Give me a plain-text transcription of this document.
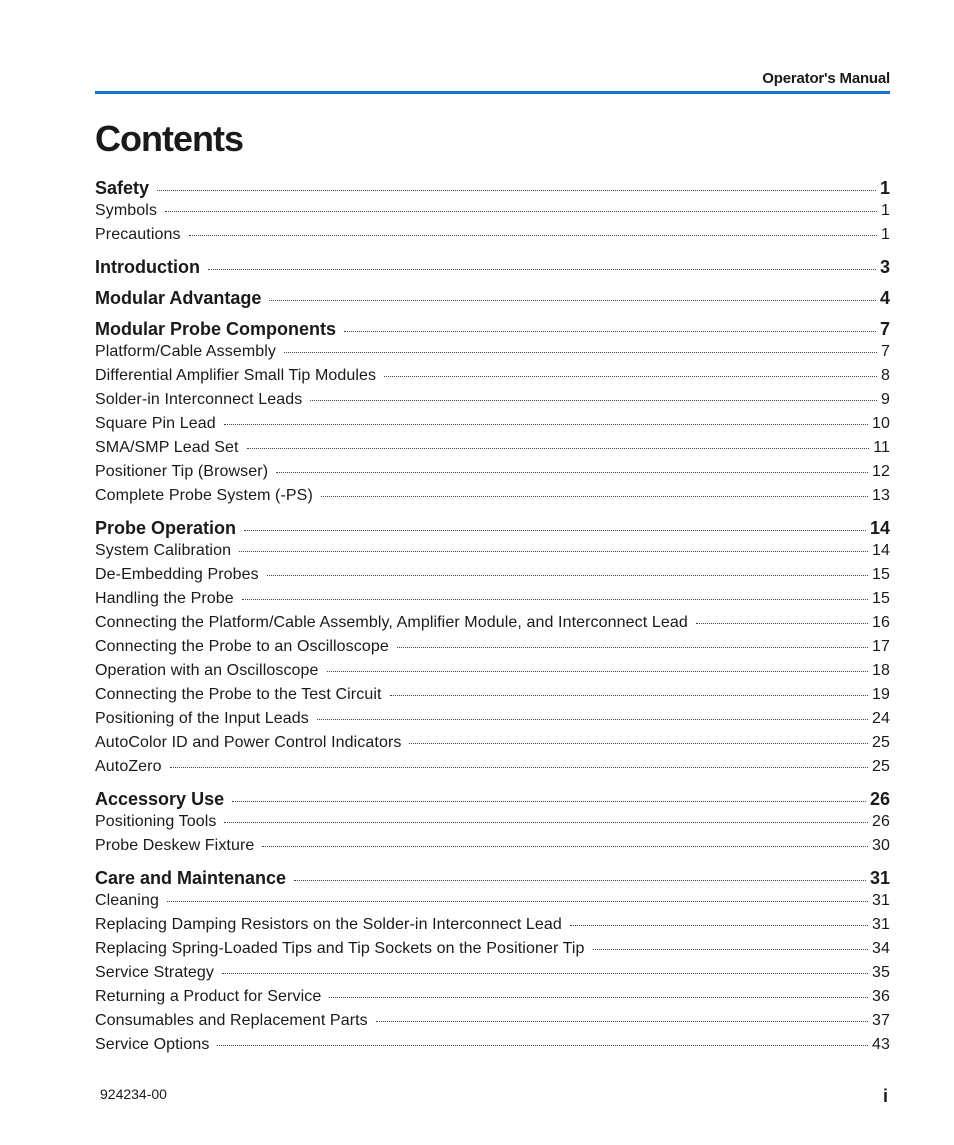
Operator's Manual
Contents
Safety	1
Symbols	1
Precautions	1
Introduction	3
Modular Advantage	4
Modular Probe Components	7
Platform/Cable Assembly	7
Differential Amplifier Small Tip Modules	8
Solder-in Interconnect Leads	9
Square Pin Lead	10
SMA/SMP Lead Set	11
Positioner Tip (Browser)	12
Complete Probe System (-PS)	13
Probe Operation	14
System Calibration	14
De-Embedding Probes	15
Handling the Probe	15
Connecting the Platform/Cable Assembly, Amplifier Module, and Interconnect Lead	16
Connecting the Probe to an Oscilloscope	17
Operation with an Oscilloscope	18
Connecting the Probe to the Test Circuit	19
Positioning of the Input Leads	24
AutoColor ID and Power Control Indicators	25
AutoZero	25
Accessory Use	26
Positioning Tools	26
Probe Deskew Fixture	30
Care and Maintenance	31
Cleaning	31
Replacing Damping Resistors on the Solder-in Interconnect Lead	31
Replacing Spring-Loaded Tips and Tip Sockets on the Positioner Tip	34
Service Strategy	35
Returning a Product for Service	36
Consumables and Replacement Parts	37
Service Options	43
924234-00	i
